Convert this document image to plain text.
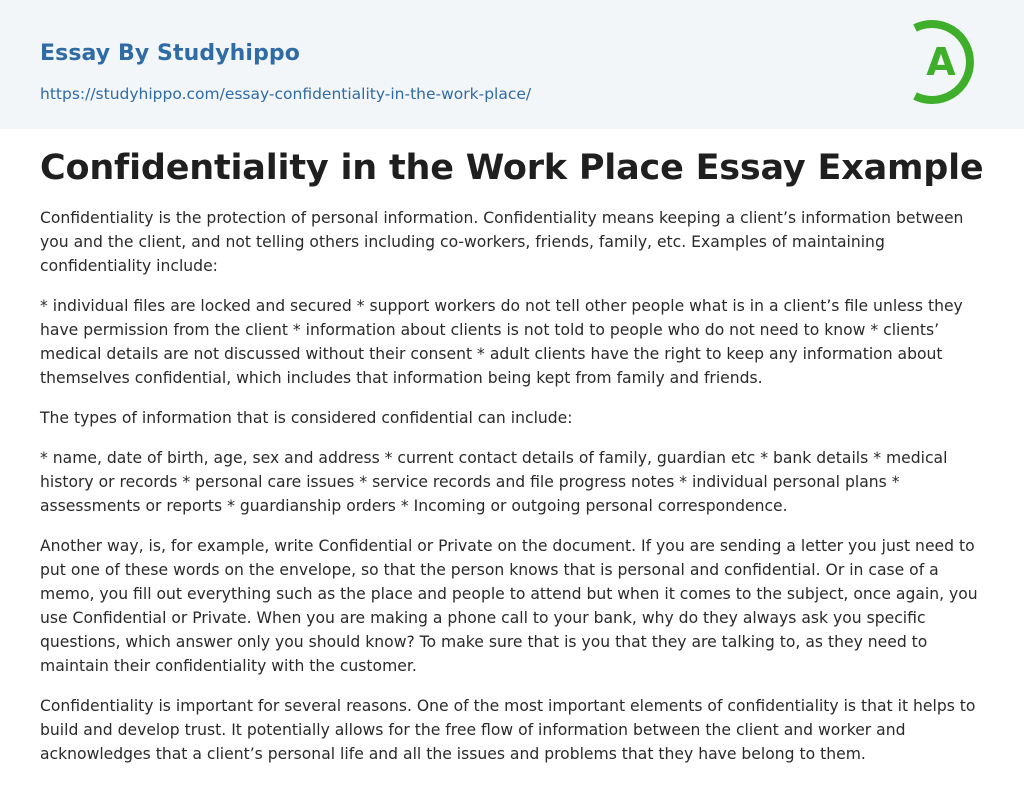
Essay By Studyhippo
https://studyhippo.com/essay-confidentiality-in-the-work-place/
A
Confidentiality in the Work Place Essay Example

Confidentiality is the protection of personal information. Confidentiality means keeping a client’s information between you and the client, and not telling others including co-workers, friends, family, etc. Examples of maintaining confidentiality include:

* individual files are locked and secured * support workers do not tell other people what is in a client’s file unless they have permission from the client * information about clients is not told to people who do not need to know * clients’ medical details are not discussed without their consent * adult clients have the right to keep any information about themselves confidential, which includes that information being kept from family and friends.

The types of information that is considered confidential can include:

* name, date of birth, age, sex and address * current contact details of family, guardian etc * bank details * medical history or records * personal care issues * service records and file progress notes * individual personal plans * assessments or reports * guardianship orders * Incoming or outgoing personal correspondence.

Another way, is, for example, write Confidential or Private on the document. If you are sending a letter you just need to put one of these words on the envelope, so that the person knows that is personal and confidential. Or in case of a memo, you fill out everything such as the place and people to attend but when it comes to the subject, once again, you use Confidential or Private. When you are making a phone call to your bank, why do they always ask you specific questions, which answer only you should know? To make sure that is you that they are talking to, as they need to maintain their confidentiality with the customer.

Confidentiality is important for several reasons. One of the most important elements of confidentiality is that it helps to build and develop trust. It potentially allows for the free flow of information between the client and worker and acknowledges that a client’s personal life and all the issues and problems that they have belong to them.
